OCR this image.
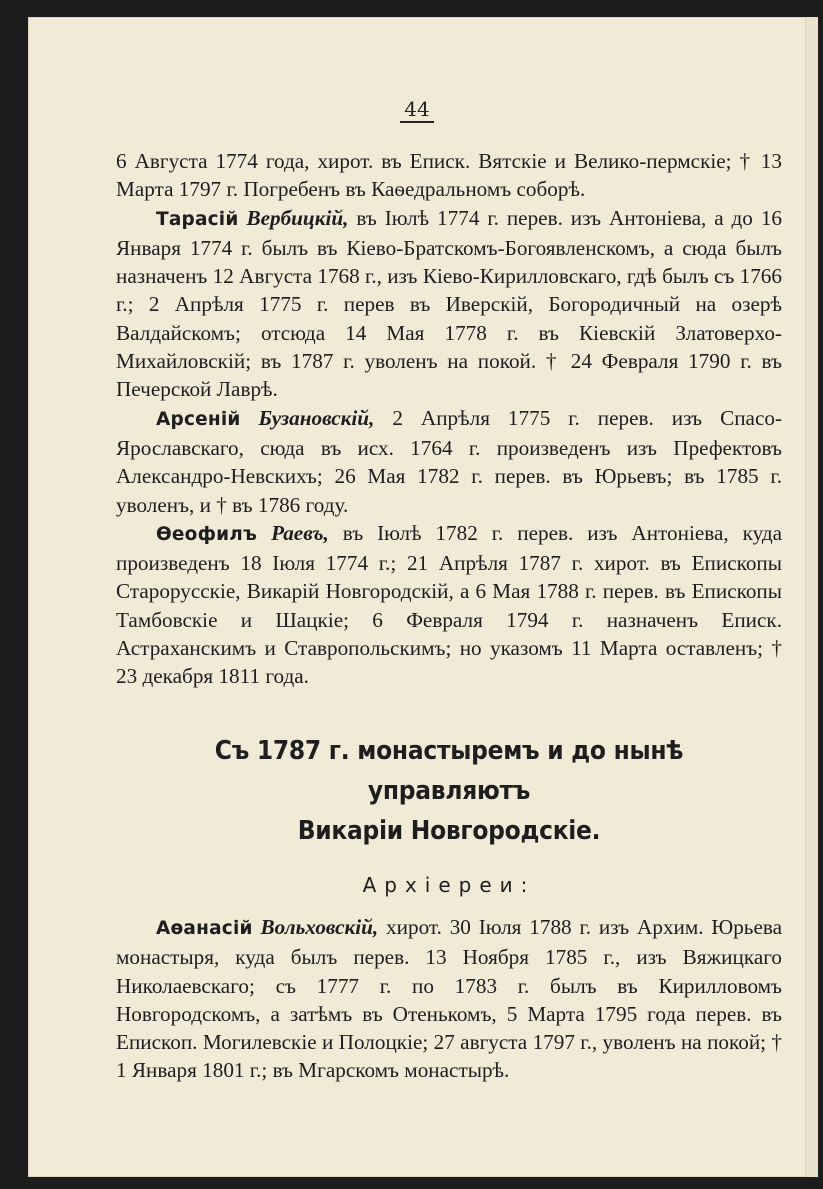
44

6 Августа 1774 года, хирот. въ Еписк. Вятскіе и Велико-пермскіе; † 13 Марта 1797 г. Погребенъ въ Каѳедральномъ соборѣ.

Тарасій Вербицкій, въ Іюлѣ 1774 г. перев. изъ Антоніева, а до 16 Января 1774 г. былъ въ Кіево-Братскомъ-Богоявленскомъ, а сюда былъ назначенъ 12 Августа 1768 г., изъ Кіево-Кирилловскаго, гдѣ былъ съ 1766 г.; 2 Апрѣля 1775 г. перев въ Иверскій, Богородичный на озерѣ Валдайскомъ; отсюда 14 Мая 1778 г. въ Кіевскій Златоверхо-Михайловскій; въ 1787 г. уволенъ на покой. † 24 Февраля 1790 г. въ Печерской Лаврѣ.

Арсеній Бузановскій, 2 Апрѣля 1775 г. перев. изъ Спасо-Ярославскаго, сюда въ исх. 1764 г. произведенъ изъ Префектовъ Александро-Невскихъ; 26 Мая 1782 г. перев. въ Юрьевъ; въ 1785 г. уволенъ, и † въ 1786 году.

Ѳеофилъ Раевъ, въ Іюлѣ 1782 г. перев. изъ Антоніева, куда произведенъ 18 Іюля 1774 г.; 21 Апрѣля 1787 г. хирот. въ Епископы Старорусскіе, Викарій Новгородскій, а 6 Мая 1788 г. перев. въ Епископы Тамбовскіе и Шацкіе; 6 Февраля 1794 г. назначенъ Еписк. Астраханскимъ и Ставропольскимъ; но указомъ 11 Марта оставленъ; † 23 декабря 1811 года.

Съ 1787 г. монастыремъ и до нынѣ управляютъ
Викаріи Новгородскіе.
Архіереи:

Аѳанасій Вольховскій, хирот. 30 Іюля 1788 г. изъ Архим. Юрьева монастыря, куда былъ перев. 13 Ноября 1785 г., изъ Вяжицкаго Николаевскаго; съ 1777 г. по 1783 г. былъ въ Кирилловомъ Новгородскомъ, а затѣмъ въ Отенькомъ, 5 Марта 1795 года перев. въ Епископ. Могилевскіе и Полоцкіе; 27 августа 1797 г., уволенъ на покой; † 1 Января 1801 г.; въ Мгарскомъ монастырѣ.
